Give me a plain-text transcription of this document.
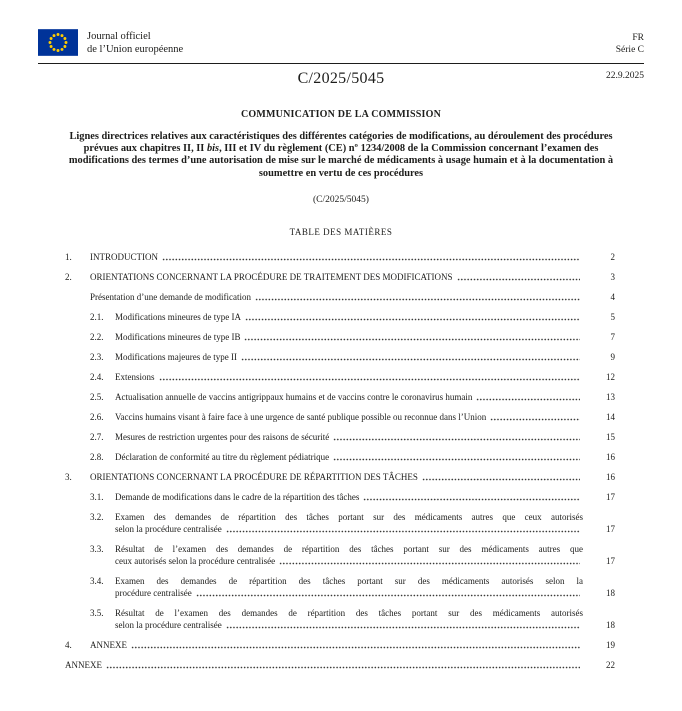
Journal officiel
de l’Union européenne
FR
Série C
C/2025/5045	22.9.2025
COMMUNICATION DE LA COMMISSION
Lignes directrices relatives aux caractéristiques des différentes catégories de modifications, au déroulement des procédures prévues aux chapitres II, II bis, III et IV du règlement (CE) nº 1234/2008 de la Commission concernant l’examen des modifications des termes d’une autorisation de mise sur le marché de médicaments à usage humain et à la documentation à soumettre en vertu de ces procédures
(C/2025/5045)
TABLE DES MATIÈRES
1.	INTRODUCTION	2
2.	ORIENTATIONS CONCERNANT LA PROCÉDURE DE TRAITEMENT DES MODIFICATIONS	3
Présentation d’une demande de modification	4
2.1.	Modifications mineures de type IA	5
2.2.	Modifications mineures de type IB	7
2.3.	Modifications majeures de type II	9
2.4.	Extensions	12
2.5.	Actualisation annuelle de vaccins antigrippaux humains et de vaccins contre le coronavirus humain	13
2.6.	Vaccins humains visant à faire face à une urgence de santé publique possible ou reconnue dans l’Union	14
2.7.	Mesures de restriction urgentes pour des raisons de sécurité	15
2.8.	Déclaration de conformité au titre du règlement pédiatrique	16
3.	ORIENTATIONS CONCERNANT LA PROCÉDURE DE RÉPARTITION DES TÂCHES	16
3.1.	Demande de modifications dans le cadre de la répartition des tâches	17
3.2.	Examen des demandes de répartition des tâches portant sur des médicaments autres que ceux autorisés
selon la procédure centralisée	17
3.3.	Résultat de l’examen des demandes de répartition des tâches portant sur des médicaments autres que
ceux autorisés selon la procédure centralisée	17
3.4.	Examen des demandes de répartition des tâches portant sur des médicaments autorisés selon la
procédure centralisée	18
3.5.	Résultat de l’examen des demandes de répartition des tâches portant sur des médicaments autorisés
selon la procédure centralisée	18
4.	ANNEXE	19
ANNEXE	22
